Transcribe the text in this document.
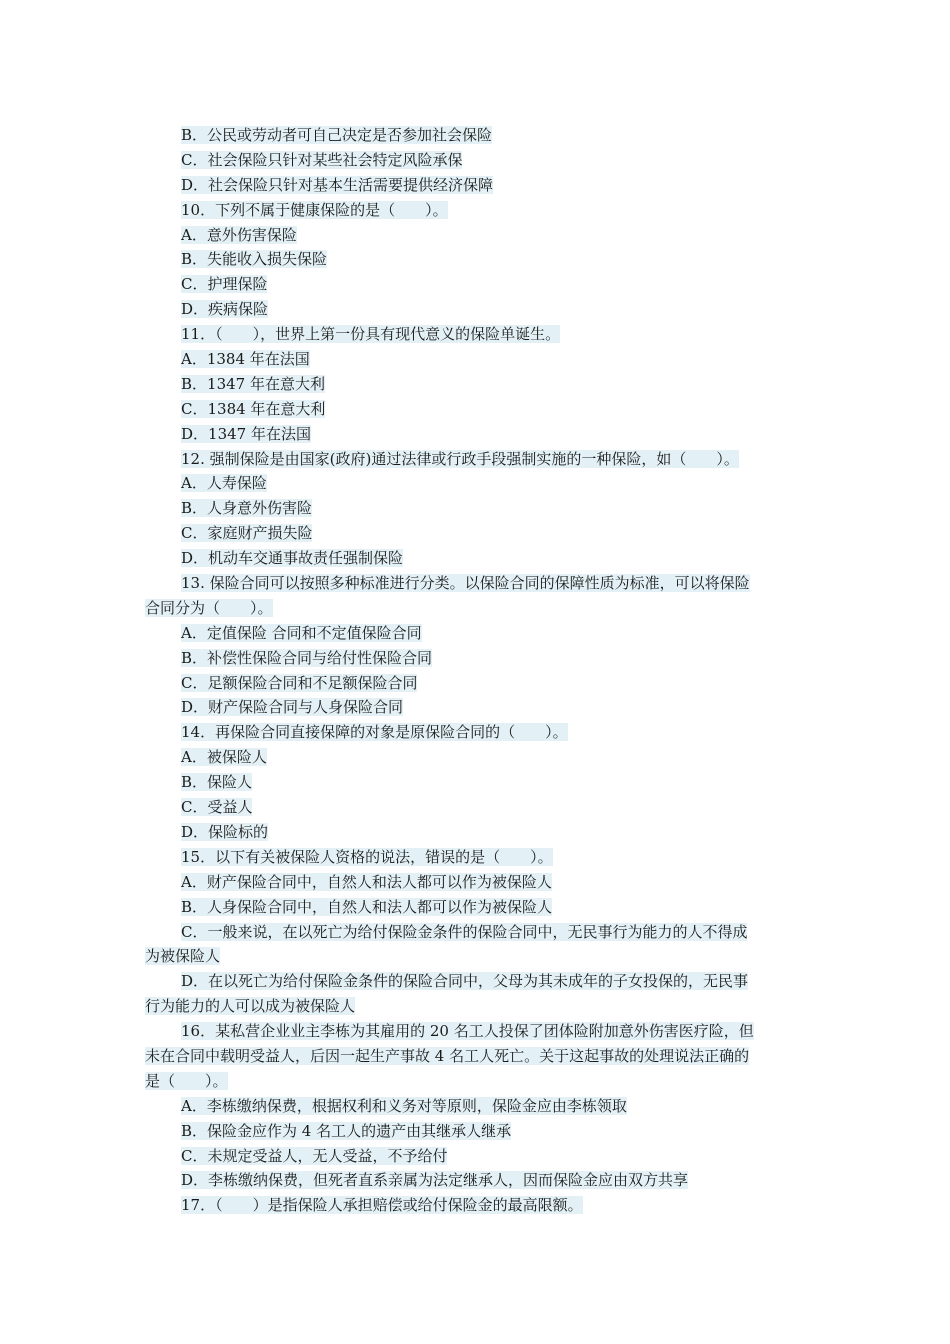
B．公民或劳动者可自己决定是否参加社会保险
C．社会保险只针对某些社会特定风险承保
D．社会保险只针对基本生活需要提供经济保障
10．下列不属于健康保险的是（　　）。
A．意外伤害保险
B．失能收入损失保险
C．护理保险
D．疾病保险
11．（　　），世界上第一份具有现代意义的保险单诞生。
A．1384 年在法国
B．1347 年在意大利
C．1384 年在意大利
D．1347 年在法国
12. 强制保险是由国家(政府)通过法律或行政手段强制实施的一种保险，如（　　）。
A．人寿保险
B．人身意外伤害险
C．家庭财产损失险
D．机动车交通事故责任强制保险
13. 保险合同可以按照多种标准进行分类。以保险合同的保障性质为标准，可以将保险
合同分为（　　）。
A．定值保险 合同和不定值保险合同
B．补偿性保险合同与给付性保险合同
C．足额保险合同和不足额保险合同
D．财产保险合同与人身保险合同
14．再保险合同直接保障的对象是原保险合同的（　　）。
A．被保险人
B．保险人
C．受益人
D．保险标的
15．以下有关被保险人资格的说法，错误的是（　　）。
A．财产保险合同中，自然人和法人都可以作为被保险人
B．人身保险合同中，自然人和法人都可以作为被保险人
C．一般来说，在以死亡为给付保险金条件的保险合同中，无民事行为能力的人不得成
为被保险人
D．在以死亡为给付保险金条件的保险合同中，父母为其未成年的子女投保的，无民事
行为能力的人可以成为被保险人
16．某私营企业业主李栋为其雇用的 20 名工人投保了团体险附加意外伤害医疗险，但
未在合同中载明受益人，后因一起生产事故 4 名工人死亡。关于这起事故的处理说法正确的
是（　　）。
A．李栋缴纳保费，根据权利和义务对等原则，保险金应由李栋领取
B．保险金应作为 4 名工人的遗产由其继承人继承
C．未规定受益人，无人受益，不予给付
D．李栋缴纳保费，但死者直系亲属为法定继承人，因而保险金应由双方共享
17．（　　）是指保险人承担赔偿或给付保险金的最高限额。
